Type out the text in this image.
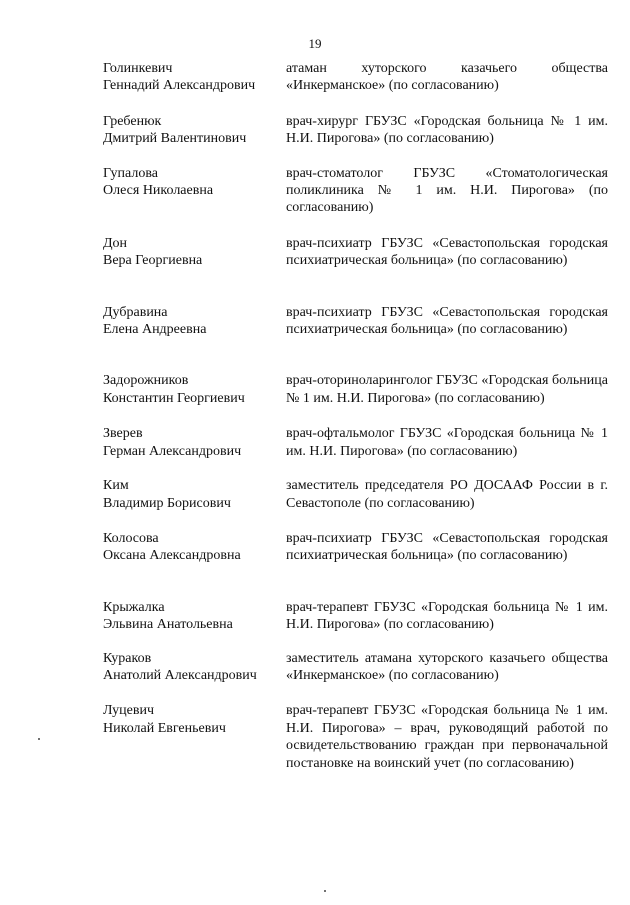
19
Голинкевич
Геннадий Александрович
атаман хуторского казачьего общества «Инкерманское» (по согласованию)
Гребенюк
Дмитрий Валентинович
врач-хирург ГБУЗС «Городская больница № 1 им. Н.И. Пирогова» (по согласованию)
Гупалова
Олеся Николаевна
врач-стоматолог ГБУЗС «Стоматологическая поликлиника № 1 им. Н.И. Пирогова» (по согласованию)
Дон
Вера Георгиевна
врач-психиатр ГБУЗС «Севастопольская городская психиатрическая больница» (по согласованию)
Дубравина
Елена Андреевна
врач-психиатр ГБУЗС «Севастопольская городская психиатрическая больница» (по согласованию)
Задорожников
Константин Георгиевич
врач-оториноларинголог ГБУЗС «Городская больница № 1 им. Н.И. Пирогова» (по согласованию)
Зверев
Герман Александрович
врач-офтальмолог ГБУЗС «Городская больница № 1 им. Н.И. Пирогова» (по согласованию)
Ким
Владимир Борисович
заместитель председателя РО ДОСААФ России в г. Севастополе (по согласованию)
Колосова
Оксана Александровна
врач-психиатр ГБУЗС «Севастопольская городская психиатрическая больница» (по согласованию)
Крыжалка
Эльвина Анатольевна
врач-терапевт ГБУЗС «Городская больница № 1 им. Н.И. Пирогова» (по согласованию)
Кураков
Анатолий Александрович
заместитель атамана хуторского казачьего общества «Инкерманское» (по согласованию)
Луцевич
Николай Евгеньевич
врач-терапевт ГБУЗС «Городская больница № 1 им. Н.И. Пирогова» – врач, руководящий работой по освидетельствованию граждан при первоначальной постановке на воинский учет (по согласованию)
